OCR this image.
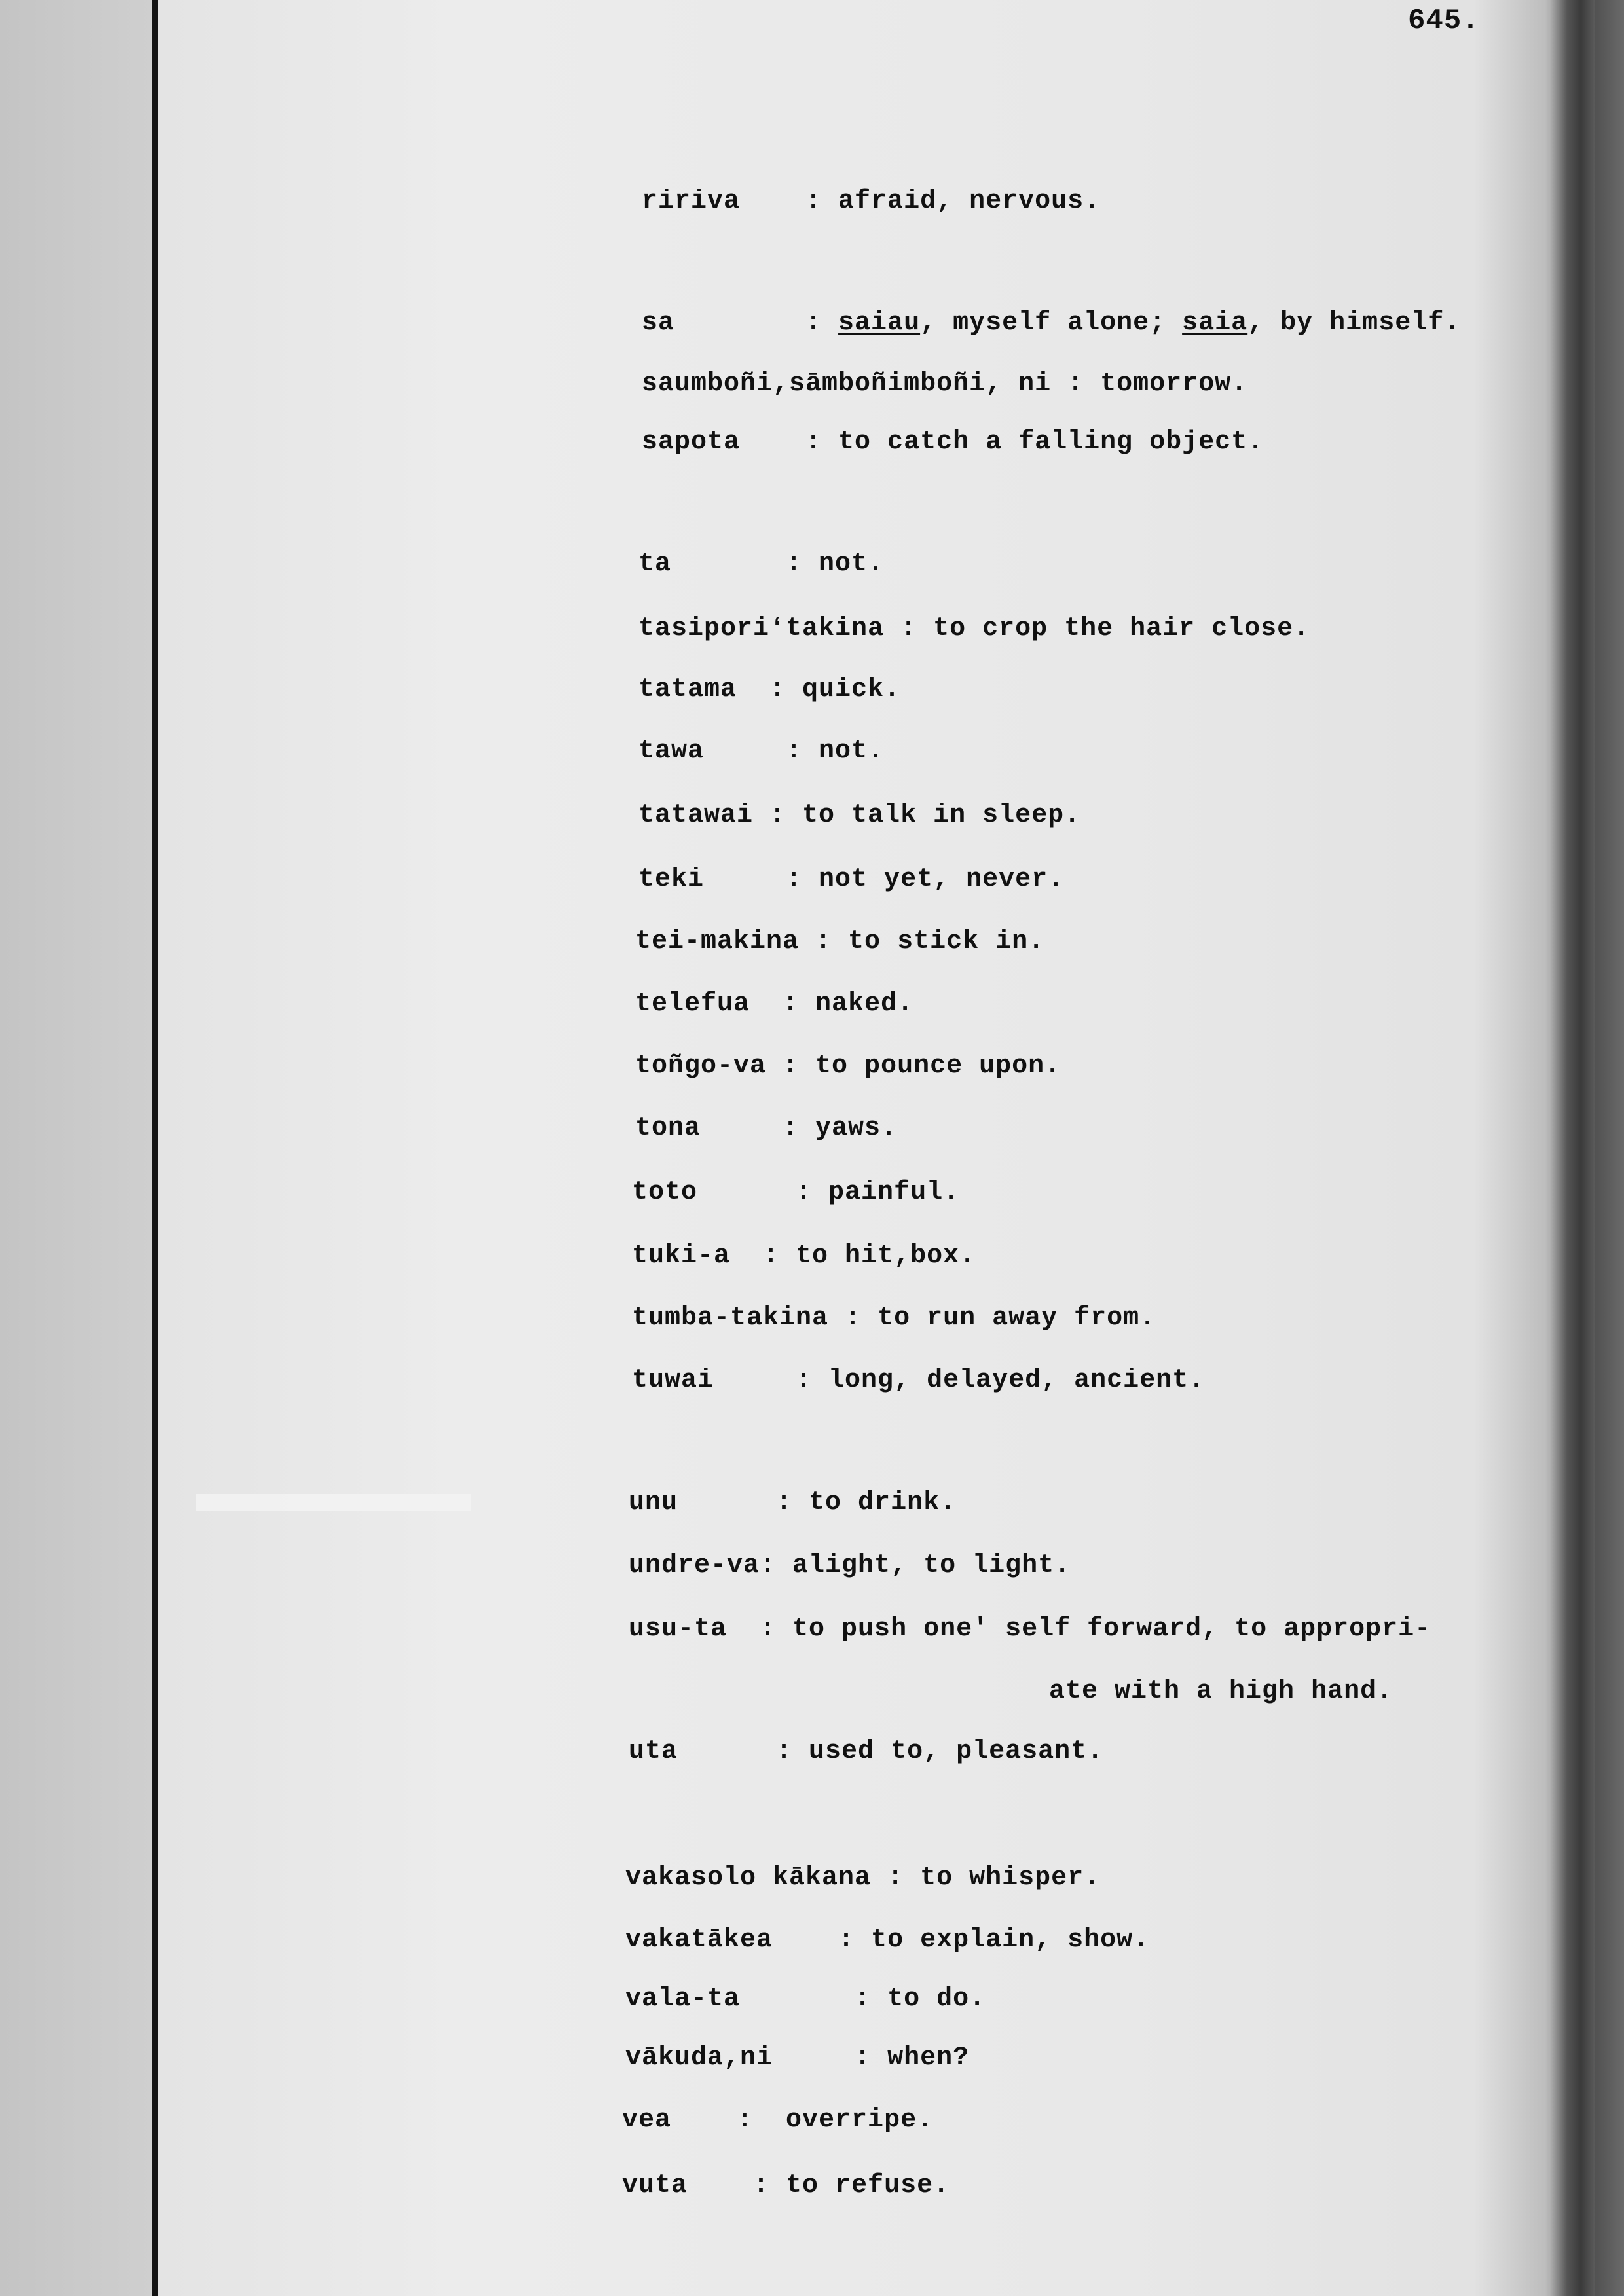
645.
ririva    : afraid, nervous.
sa        : saiau, myself alone; saia, by himself.
saumboñi,sāmboñimboñi, ni : tomorrow.
sapota    : to catch a falling object.
ta       : not.
tasiporiʻtakina : to crop the hair close.
tatama  : quick.
tawa     : not.
tatawai : to talk in sleep.
teki     : not yet, never.
tei-makina : to stick in.
telefua  : naked.
toñgo-va : to pounce upon.
tona     : yaws.
toto      : painful.
tuki-a  : to hit,box.
tumba-takina : to run away from.
tuwai     : long, delayed, ancient.
unu      : to drink.
undre-va: alight, to light.
usu-ta  : to push one' self forward, to appropri-
ate with a high hand.
uta      : used to, pleasant.
vakasolo kākana : to whisper.
vakatākea    : to explain, show.
vala-ta       : to do.
vākuda,ni     : when?
vea    :  overripe.
vuta    : to refuse.
